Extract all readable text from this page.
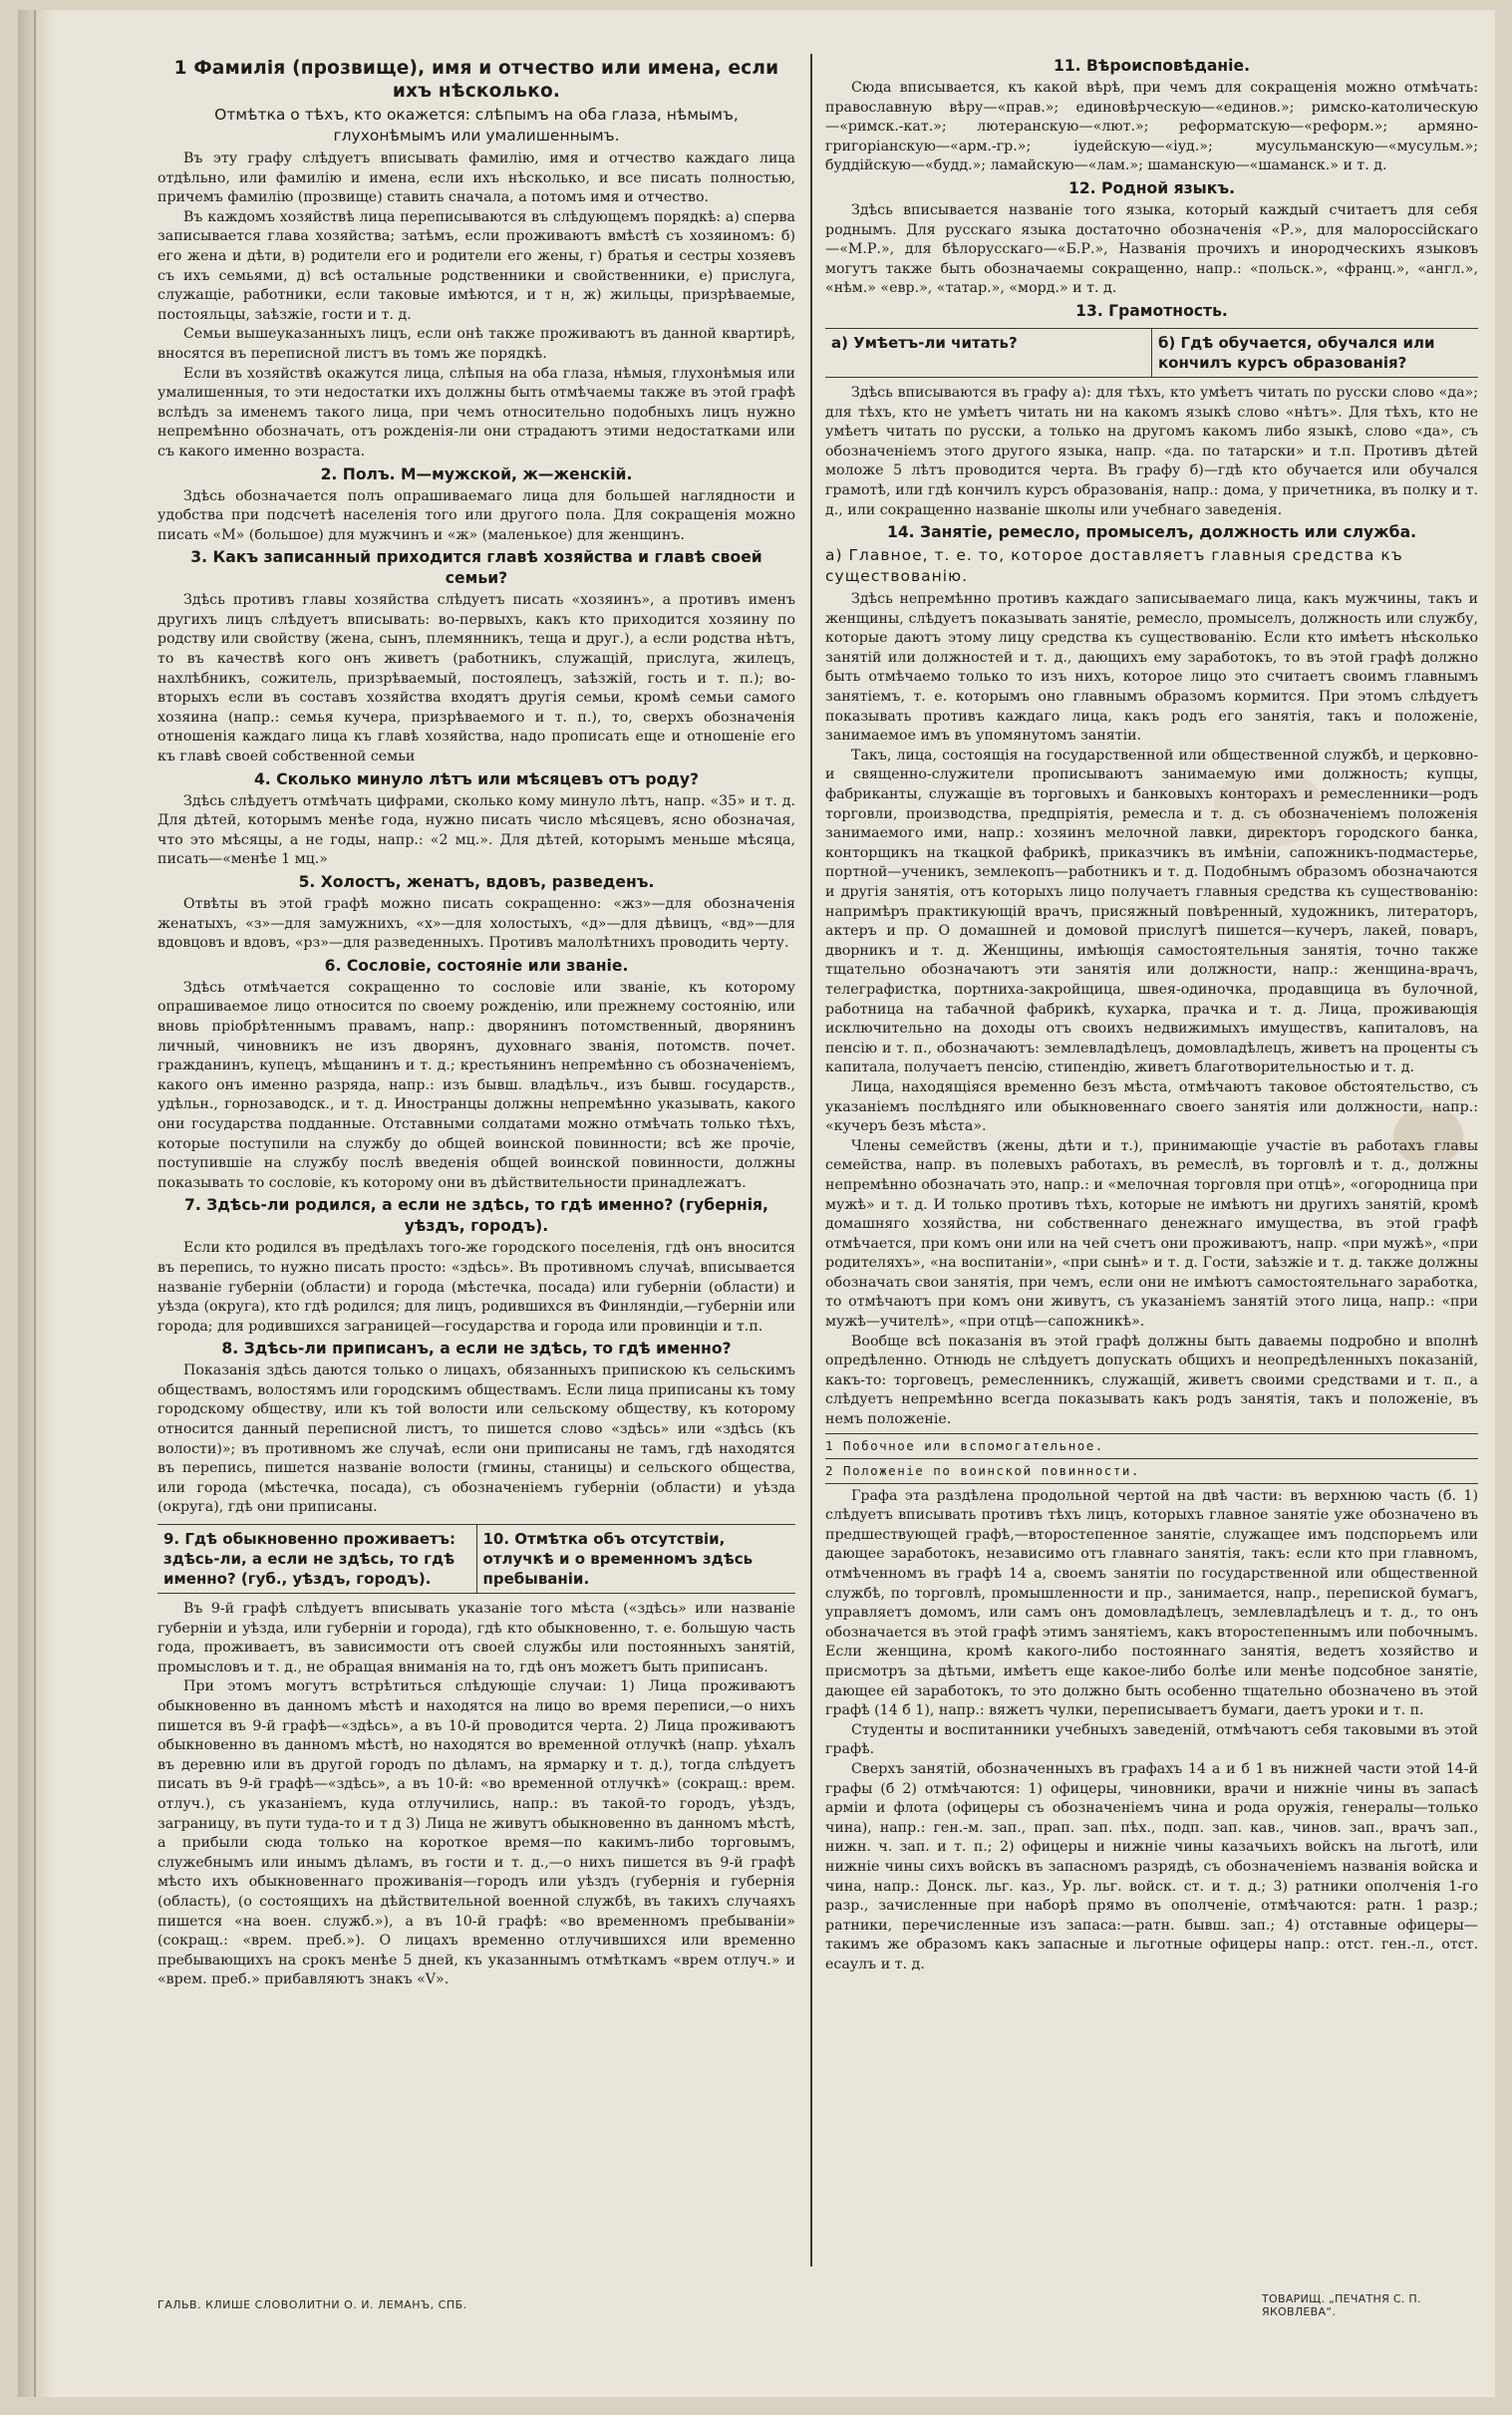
1 Фамилія (прозвище), имя и отчество или имена, если ихъ нѣсколько.
Отмѣтка о тѣхъ, кто окажется: слѣпымъ на оба глаза, нѣмымъ, глухонѣмымъ или умалишеннымъ.

Въ эту графу слѣдуетъ вписывать фамилію, имя и отчество каждаго лица отдѣльно, или фамилію и имена, если ихъ нѣсколько, и все писать полностью, причемъ фамилію (прозвище) ставить сначала, а потомъ имя и отчество.

Въ каждомъ хозяйствѣ лица переписываются въ слѣдующемъ порядкѣ: а) сперва записывается глава хозяйства; затѣмъ, если проживаютъ вмѣстѣ съ хозяиномъ: б) его жена и дѣти, в) родители его и родители его жены, г) братья и сестры хозяевъ съ ихъ семьями, д) всѣ остальные родственники и свойственники, е) прислуга, служащіе, работники, если таковые имѣются, и т н, ж) жильцы, призрѣваемые, постояльцы, заѣзжіе, гости и т. д.

Семьи вышеуказанныхъ лицъ, если онѣ также проживаютъ въ данной квартирѣ, вносятся въ переписной листъ въ томъ же порядкѣ.

Если въ хозяйствѣ окажутся лица, слѣпыя на оба глаза, нѣмыя, глухонѣмыя или умалишенныя, то эти недостатки ихъ должны быть отмѣчаемы также въ этой графѣ вслѣдъ за именемъ такого лица, при чемъ относительно подобныхъ лицъ нужно непремѣнно обозначать, отъ рожденія-ли они страдаютъ этими недостатками или съ какого именно возраста.

2. Полъ. М—мужской, ж—женскій.

Здѣсь обозначается полъ опрашиваемаго лица для большей наглядности и удобства при подсчетѣ населенія того или другого пола. Для сокращенія можно писать «М» (большое) для мужчинъ и «ж» (маленькое) для женщинъ.

3. Какъ записанный приходится главѣ хозяйства и главѣ своей семьи?

Здѣсь противъ главы хозяйства слѣдуетъ писать «хозяинъ», а противъ именъ другихъ лицъ слѣдуетъ вписывать: во-первыхъ, какъ кто приходится хозяину по родству или свойству (жена, сынъ, племянникъ, теща и друг.), а если родства нѣтъ, то въ качествѣ кого онъ живетъ (работникъ, служащій, прислуга, жилецъ, нахлѣбникъ, сожитель, призрѣваемый, постоялецъ, заѣзжій, гость и т. п.); во-вторыхъ если въ составъ хозяйства входятъ другія семьи, кромѣ семьи самого хозяина (напр.: семья кучера, призрѣваемого и т. п.), то, сверхъ обозначенія отношенія каждаго лица къ главѣ хозяйства, надо прописать еще и отношеніе его къ главѣ своей собственной семьи

4. Сколько минуло лѣтъ или мѣсяцевъ отъ роду?

Здѣсь слѣдуетъ отмѣчать цифрами, сколько кому минуло лѣтъ, напр. «35» и т. д. Для дѣтей, которымъ менѣе года, нужно писать число мѣсяцевъ, ясно обозначая, что это мѣсяцы, а не годы, напр.: «2 мц.». Для дѣтей, которымъ меньше мѣсяца, писать—«менѣе 1 мц.»

5. Холостъ, женатъ, вдовъ, разведенъ.

Отвѣты въ этой графѣ можно писать сокращенно: «жз»—для обозначенія женатыхъ, «з»—для замужнихъ, «х»—для холостыхъ, «д»—для дѣвицъ, «вд»—для вдовцовъ и вдовъ, «рз»—для разведенныхъ. Противъ малолѣтнихъ проводить черту.

6. Сословіе, состояніе или званіе.

Здѣсь отмѣчается сокращенно то сословіе или званіе, къ которому опрашиваемое лицо относится по своему рожденію, или прежнему состоянію, или вновь пріобрѣтеннымъ правамъ, напр.: дворянинъ потомственный, дворянинъ личный, чиновникъ не изъ дворянъ, духовнаго званія, потомств. почет. гражданинъ, купецъ, мѣщанинъ и т. д.; крестьянинъ непремѣнно съ обозначеніемъ, какого онъ именно разряда, напр.: изъ бывш. владѣльч., изъ бывш. государств., удѣльн., горнозаводск., и т. д. Иностранцы должны непремѣнно указывать, какого они государства подданные. Отставными солдатами можно отмѣчать только тѣхъ, которые поступили на службу до общей воинской повинности; всѣ же прочіе, поступившіе на службу послѣ введенія общей воинской повинности, должны показывать то сословіе, къ которому они въ дѣйствительности принадлежатъ.

7. Здѣсь-ли родился, а если не здѣсь, то гдѣ именно? (губернія, уѣздъ, городъ).

Если кто родился въ предѣлахъ того-же городского поселенія, гдѣ онъ вносится въ перепись, то нужно писать просто: «здѣсь». Въ противномъ случаѣ, вписывается названіе губерніи (области) и города (мѣстечка, посада) или губерніи (области) и уѣзда (округа), кто гдѣ родился; для лицъ, родившихся въ Финляндіи,—губерніи или города; для родившихся заграницей—государства и города или провинціи и т.п.

8. Здѣсь-ли приписанъ, а если не здѣсь, то гдѣ именно?

Показанія здѣсь даются только о лицахъ, обязанныхъ припискою къ сельскимъ обществамъ, волостямъ или городскимъ обществамъ. Если лица приписаны къ тому городскому обществу, или къ той волости или сельскому обществу, къ которому относится данный переписной листъ, то пишется слово «здѣсь» или «здѣсь (къ волости)»; въ противномъ же случаѣ, если они приписаны не тамъ, гдѣ находятся въ перепись, пишется названіе волости (гмины, станицы) и сельского общества, или города (мѣстечка, посада), съ обозначеніемъ губерніи (области) и уѣзда (округа), гдѣ они приписаны.

9. Гдѣ обыкновенно проживаетъ: здѣсь-ли, а если не здѣсь, то гдѣ именно? (губ., уѣздъ, городъ).
10. Отмѣтка объ отсутствіи, отлучкѣ и о временномъ здѣсь пребываніи.

Въ 9-й графѣ слѣдуетъ вписывать указаніе того мѣста («здѣсь» или названіе губерніи и уѣзда, или губерніи и города), гдѣ кто обыкновенно, т. е. большую часть года, проживаетъ, въ зависимости отъ своей службы или постоянныхъ занятій, промысловъ и т. д., не обращая вниманія на то, гдѣ онъ можетъ быть приписанъ.

При этомъ могутъ встрѣтиться слѣдующіе случаи: 1) Лица проживаютъ обыкновенно въ данномъ мѣстѣ и находятся на лицо во время переписи,—о нихъ пишется въ 9-й графѣ—«здѣсь», а въ 10-й проводится черта. 2) Лица проживаютъ обыкновенно въ данномъ мѣстѣ, но находятся во временной отлучкѣ (напр. уѣхалъ въ деревню или въ другой городъ по дѣламъ, на ярмарку и т. д.), тогда слѣдуетъ писать въ 9-й графѣ—«здѣсь», а въ 10-й: «во временной отлучкѣ» (сокращ.: врем. отлуч.), съ указаніемъ, куда отлучились, напр.: въ такой-то городъ, уѣздъ, заграницу, въ пути туда-то и т д 3) Лица не живутъ обыкновенно въ данномъ мѣстѣ, а прибыли сюда только на короткое время—по какимъ-либо торговымъ, служебнымъ или инымъ дѣламъ, въ гости и т. д.,—о нихъ пишется въ 9-й графѣ мѣсто ихъ обыкновеннаго проживанія—городъ или уѣздъ (губернія и губернія (область), (о состоящихъ на дѣйствительной военной службѣ, въ такихъ случаяхъ пишется «на воен. служб.»), а въ 10-й графѣ: «во временномъ пребываніи» (сокращ.: «врем. преб.»). О лицахъ временно отлучившихся или временно пребывающихъ на срокъ менѣе 5 дней, къ указаннымъ отмѣткамъ «врем отлуч.» и «врем. преб.» прибавляютъ знакъ «V».

11. Вѣроисповѣданіе.

Сюда вписывается, къ какой вѣрѣ, при чемъ для сокращенія можно отмѣчать: православную вѣру—«прав.»; единовѣрческую—«единов.»; римско-католическую—«римск.-кат.»; лютеранскую—«лют.»; реформатскую—«реформ.»; армяно-григоріанскую—«арм.-гр.»; іудейскую—«іуд.»; мусульманскую—«мусульм.»; буддійскую—«будд.»; ламайскую—«лам.»; шаманскую—«шаманск.» и т. д.

12. Родной языкъ.

Здѣсь вписывается названіе того языка, который каждый считаетъ для себя роднымъ. Для русскаго языка достаточно обозначенія «Р.», для малороссійскаго—«М.Р.», для бѣлорусскаго—«Б.Р.», Названія прочихъ и инородческихъ языковъ могутъ также быть обозначаемы сокращенно, напр.: «польск.», «франц.», «англ.», «нѣм.» «евр.», «татар.», «морд.» и т. д.

13. Грамотность.
а) Умѣетъ-ли читать?	б) Гдѣ обучается, обучался или кончилъ курсъ образованія?

Здѣсь вписываются въ графу а): для тѣхъ, кто умѣетъ читать по русски слово «да»; для тѣхъ, кто не умѣетъ читать ни на какомъ языкѣ слово «нѣтъ». Для тѣхъ, кто не умѣетъ читать по русски, а только на другомъ какомъ либо языкѣ, слово «да», съ обозначеніемъ этого другого языка, напр. «да. по татарски» и т.п. Противъ дѣтей моложе 5 лѣтъ проводится черта. Въ графу б)—гдѣ кто обучается или обучался грамотѣ, или гдѣ кончилъ курсъ образованія, напр.: дома, у причетника, въ полку и т. д., или сокращенно названіе школы или учебнаго заведенія.

14. Занятіе, ремесло, промыселъ, должность или служба.
а) Главное, т. е. то, которое доставляетъ главныя средства къ существованію.

Здѣсь непремѣнно противъ каждаго записываемаго лица, какъ мужчины, такъ и женщины, слѣдуетъ показывать занятіе, ремесло, промыселъ, должность или службу, которые даютъ этому лицу средства къ существованію. Если кто имѣетъ нѣсколько занятій или должностей и т. д., дающихъ ему заработокъ, то въ этой графѣ должно быть отмѣчаемо только то изъ нихъ, которое лицо это считаетъ своимъ главнымъ занятіемъ, т. е. которымъ оно главнымъ образомъ кормится. При этомъ слѣдуетъ показывать противъ каждаго лица, какъ родъ его занятія, такъ и положеніе, занимаемое имъ въ упомянутомъ занятіи.

Такъ, лица, состоящія на государственной или общественной службѣ, и церковно-и священно-служители прописываютъ занимаемую ими должность; купцы, фабриканты, служащіе въ торговыхъ и банковыхъ конторахъ и ремесленники—родъ торговли, производства, предпріятія, ремесла и т. д. съ обозначеніемъ положенія занимаемого ими, напр.: хозяинъ мелочной лавки, директоръ городского банка, конторщикъ на ткацкой фабрикѣ, приказчикъ въ имѣніи, сапожникъ-подмастерье, портной—ученикъ, землекопъ—работникъ и т. д. Подобнымъ образомъ обозначаются и другія занятія, отъ которыхъ лицо получаетъ главныя средства къ существованію: напримѣръ практикующій врачъ, присяжный повѣренный, художникъ, литераторъ, актеръ и пр. О домашней и домовой прислугѣ пишется—кучеръ, лакей, поваръ, дворникъ и т. д. Женщины, имѣющія самостоятельныя занятія, точно также тщательно обозначаютъ эти занятія или должности, напр.: женщина-врачъ, телеграфистка, портниха-закройщица, швея-одиночка, продавщица въ булочной, работница на табачной фабрикѣ, кухарка, прачка и т. д. Лица, проживающія исключительно на доходы отъ своихъ недвижимыхъ имуществъ, капиталовъ, на пенсію и т. п., обозначаютъ: землевладѣлецъ, домовладѣлецъ, живетъ на проценты съ капитала, получаетъ пенсію, стипендію, живетъ благотворительностью и т. д.

Лица, находящіяся временно безъ мѣста, отмѣчаютъ таковое обстоятельство, съ указаніемъ послѣдняго или обыкновеннаго своего занятія или должности, напр.: «кучеръ безъ мѣста».

Члены семействъ (жены, дѣти и т.), принимающіе участіе въ работахъ главы семейства, напр. въ полевыхъ работахъ, въ ремеслѣ, въ торговлѣ и т. д., должны непремѣнно обозначать это, напр.: и «мелочная торговля при отцѣ», «огородница при мужѣ» и т. д. И только противъ тѣхъ, которые не имѣютъ ни другихъ занятій, кромѣ домашняго хозяйства, ни собственнаго денежнаго имущества, въ этой графѣ отмѣчается, при комъ они или на чей счетъ они проживаютъ, напр. «при мужѣ», «при родителяхъ», «на воспитаніи», «при сынѣ» и т. д. Гости, заѣзжіе и т. д. также должны обозначать свои занятія, при чемъ, если они не имѣютъ самостоятельнаго заработка, то отмѣчаютъ при комъ они живутъ, съ указаніемъ занятій этого лица, напр.: «при мужѣ—учителѣ», «при отцѣ—сапожникѣ».

Вообще всѣ показанія въ этой графѣ должны быть даваемы подробно и вполнѣ опредѣленно. Отнюдь не слѣдуетъ допускать общихъ и неопредѣленныхъ показаній, какъ-то: торговецъ, ремесленникъ, служащій, живетъ своими средствами и т. п., а слѣдуетъ непремѣнно всегда показывать какъ родъ занятія, такъ и положеніе, въ немъ положеніе.

1 Побочное или вспомогательное.
2 Положеніе по воинской повинности.

Графа эта раздѣлена продольной чертой на двѣ части: въ верхнюю часть (б. 1) слѣдуетъ вписывать противъ тѣхъ лицъ, которыхъ главное занятіе уже обозначено въ предшествующей графѣ,—второстепенное занятіе, служащее имъ подспорьемъ или дающее заработокъ, независимо отъ главнаго занятія, такъ: если кто при главномъ, отмѣченномъ въ графѣ 14 а, своемъ занятіи по государственной или общественной службѣ, по торговлѣ, промышленности и пр., занимается, напр., перепиской бумагъ, управляетъ домомъ, или самъ онъ домовладѣлецъ, землевладѣлецъ и т. д., то онъ обозначается въ этой графѣ этимъ занятіемъ, какъ второстепеннымъ или побочнымъ. Если женщина, кромѣ какого-либо постояннаго занятія, ведетъ хозяйство и присмотръ за дѣтьми, имѣетъ еще какое-либо болѣе или менѣе подсобное занятіе, дающее ей заработокъ, то это должно быть особенно тщательно обозначено въ этой графѣ (14 б 1), напр.: вяжетъ чулки, переписываетъ бумаги, даетъ уроки и т. п.

Студенты и воспитанники учебныхъ заведеній, отмѣчаютъ себя таковыми въ этой графѣ.

Сверхъ занятій, обозначенныхъ въ графахъ 14 а и б 1 въ нижней части этой 14-й графы (б 2) отмѣчаются: 1) офицеры, чиновники, врачи и нижніе чины въ запасѣ арміи и флота (офицеры съ обозначеніемъ чина и рода оружія, генералы—только чина), напр.: ген.-м. зап., прап. зап. пѣх., подп. зап. кав., чинов. зап., врачъ зап., нижн. ч. зап. и т. п.; 2) офицеры и нижніе чины казачьихъ войскъ на льготѣ, или нижніе чины сихъ войскъ въ запасномъ разрядѣ, съ обозначеніемъ названія войска и чина, напр.: Донск. льг. каз., Ур. льг. войск. ст. и т. д.; 3) ратники ополченія 1-го разр., зачисленные при наборѣ прямо въ ополченіе, отмѣчаются: ратн. 1 разр.; ратники, перечисленные изъ запаса:—ратн. бывш. зап.; 4) отставные офицеры—такимъ же образомъ какъ запасные и льготные офицеры напр.: отст. ген.-л., отст. есаулъ и т. д.

ГАЛЬВ. КЛИШЕ СЛОВОЛИТНИ О. И. ЛЕМАНЪ, СПБ.	ТОВАРИЩ. „ПЕЧАТНЯ С. П. ЯКОВЛЕВА“.
